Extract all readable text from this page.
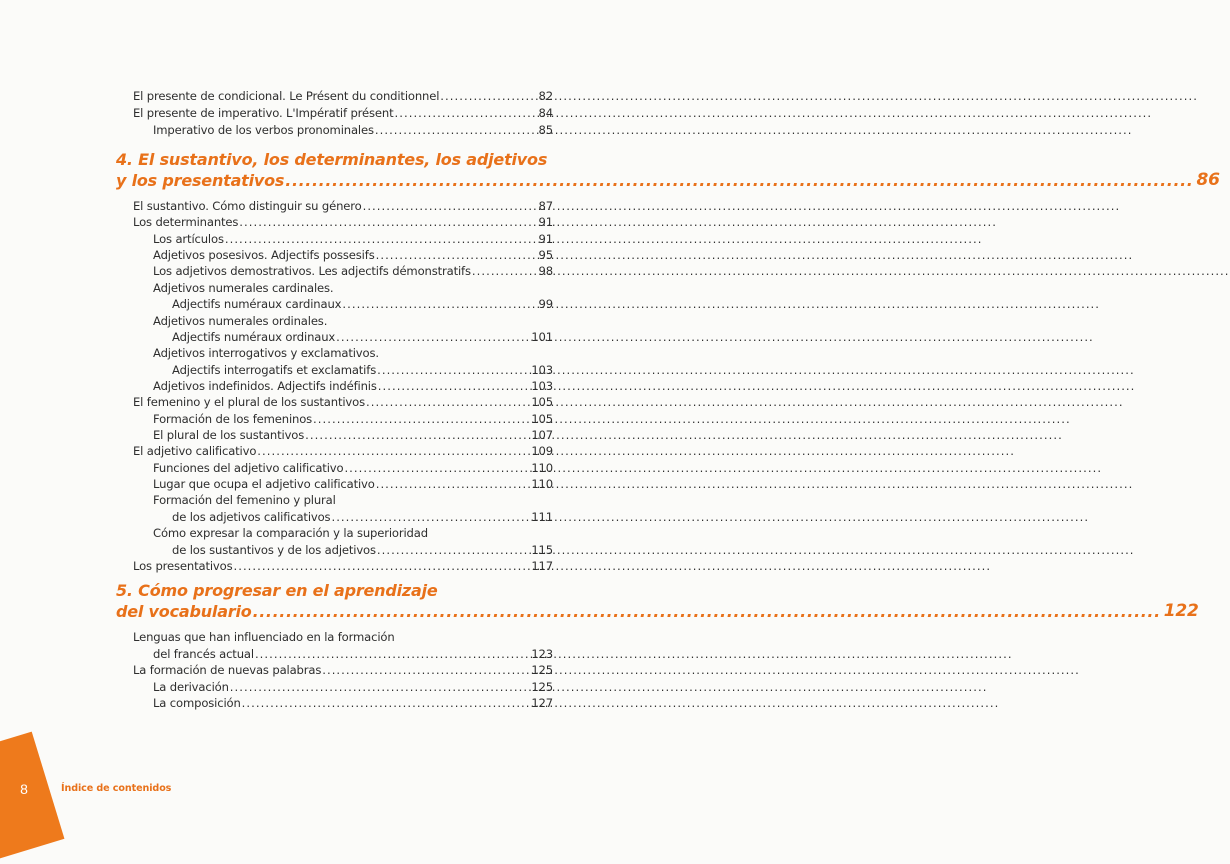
El presente de condicional. Le Présent du conditionnel .....	82
El presente de imperativo. L'Impératif présent .....	84
Imperativo de los verbos pronominales .....	85
4. El sustantivo, los determinantes, los adjetivos
y los presentativos .....	86
El sustantivo. Cómo distinguir su género .....	87
Los determinantes .....	91
Los artículos .....	91
Adjetivos posesivos. Adjectifs possesifs .....	95
Los adjetivos demostrativos. Les adjectifs démonstratifs .....	98
Adjetivos numerales cardinales.
Adjectifs numéraux cardinaux .....	99
Adjetivos numerales ordinales.
Adjectifs numéraux ordinaux .....	101
Adjetivos interrogativos y exclamativos.
Adjectifs interrogatifs et exclamatifs .....	103
Adjetivos indefinidos. Adjectifs indéfinis .....	103
El femenino y el plural de los sustantivos .....	105
Formación de los femeninos .....	105
El plural de los sustantivos .....	107
El adjetivo calificativo .....	109
Funciones del adjetivo calificativo .....	110
Lugar que ocupa el adjetivo calificativo .....	110
Formación del femenino y plural
de los adjetivos calificativos .....	111
Cómo expresar la comparación y la superioridad
de los sustantivos y de los adjetivos .....	115
Los presentativos .....	117
5. Cómo progresar en el aprendizaje
del vocabulario .....	122
Lenguas que han influenciado en la formación
del francés actual .....	123
La formación de nuevas palabras .....	125
La derivación .....	125
La composición .....	127
8	Índice de contenidos
